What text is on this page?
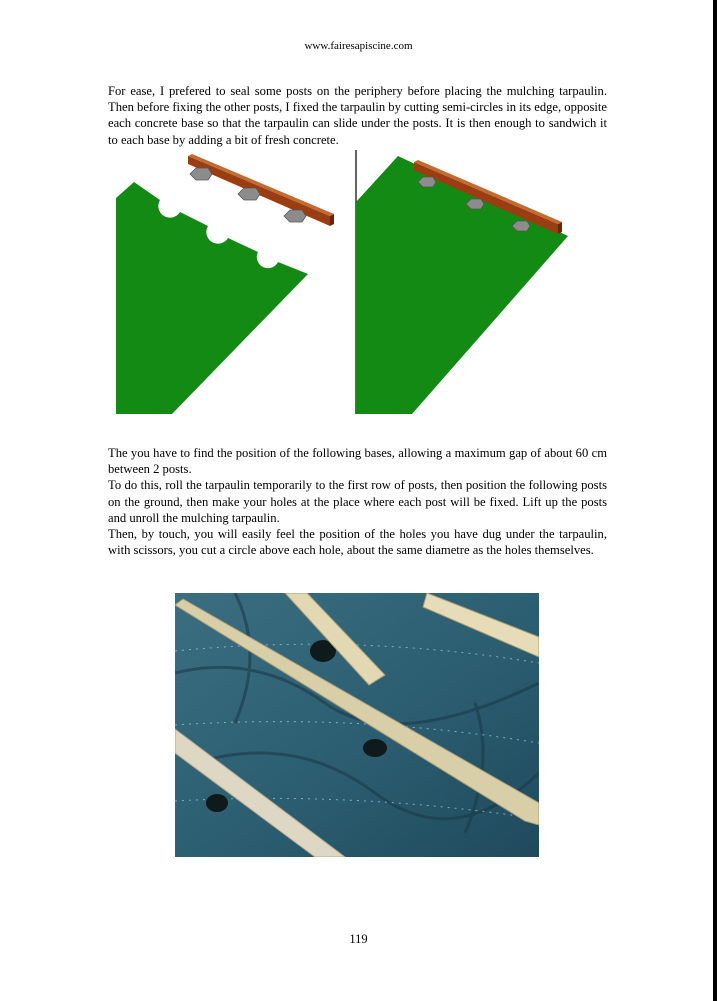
www.fairesapiscine.com

For ease, I prefered to seal some posts on the periphery before placing the mulching tarpaulin. Then before fixing the other posts, I fixed the tarpaulin by cutting semi-circles in its edge, opposite each concrete base so that the tarpaulin can slide under the posts. It is then enough to sandwich it to each base by adding a bit of fresh concrete.

The you have to find the position of the following bases, allowing a maximum gap of about 60 cm between 2 posts.
To do this, roll the tarpaulin temporarily to the first row of posts, then position the following posts on the ground, then make your holes at the place where each post will be fixed. Lift up the posts and unroll the mulching tarpaulin.
Then, by touch, you will easily feel the position of the holes you have dug under the tarpaulin, with scissors, you cut a circle above each hole, about the same diametre as the holes themselves.
119
